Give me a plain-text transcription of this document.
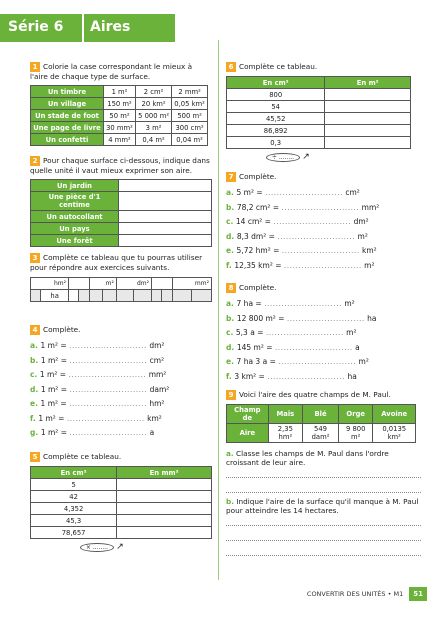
Série 6	Aires
1 Colorie la case correspondant le mieux à l'aire de chaque type de surface.
Un timbre	1 m²	2 cm²	2 mm²
Un village	150 m²	20 km²	0,05 km²
Un stade de foot	50 m²	5 000 m²	500 m²
Une page de livre	30 mm²	3 m²	300 cm²
Un confetti	4 mm²	0,4 m²	0,04 m²
2 Pour chaque surface ci-dessous, indique dans quelle unité il vaut mieux exprimer son aire.
Un jardin	
Une pièce d'1 centime	
Un autocollant	
Un pays	
Une forêt	
3 Complète ce tableau que tu pourras utiliser pour répondre aux exercices suivants.
hm²				m²		dm²				mm²	
	ha										
4 Complète.
a. 1 m² = ........................... dm²
b. 1 m² = ........................... cm²
c. 1 m² = ........................... mm²
d. 1 m² = ........................... dam²
e. 1 m² = ........................... hm²
f. 1 m² = ........................... km²
g. 1 m² = ........................... a
5 Complète ce tableau.
En cm²	En mm²
5	
42	
4,352	
45,3	
78,657	
× ........ ↗
6 Complète ce tableau.
En cm²	En m²
800	
54	
45,52	
86,892	
0,3	
÷ ........ ↗
7 Complète.
a. 5 m² = ........................... cm²
b. 78,2 cm² = ........................... mm²
c. 14 cm² = ........................... dm²
d. 8,3 dm² = ........................... m²
e. 5,72 hm² = ........................... km²
f. 12,35 km² = ........................... m²
8 Complète.
a. 7 ha = ........................... m²
b. 12 800 m² = ........................... ha
c. 5,3 a = ........................... m²
d. 145 m² = ........................... a
e. 7 ha 3 a = ........................... m²
f. 3 km² = ........................... ha
9 Voici l'aire des quatre champs de M. Paul.
Champ de	Maïs	Blé	Orge	Avoine
Aire	2,35 hm²	549 dam²	9 800 m²	0,0135 km²
a. Classe les champs de M. Paul dans l'ordre croissant de leur aire.
b. Indique l'aire de la surface qu'il manque à M. Paul pour atteindre les 14 hectares.
CONVERTIR DES UNITÉS • M1 51
